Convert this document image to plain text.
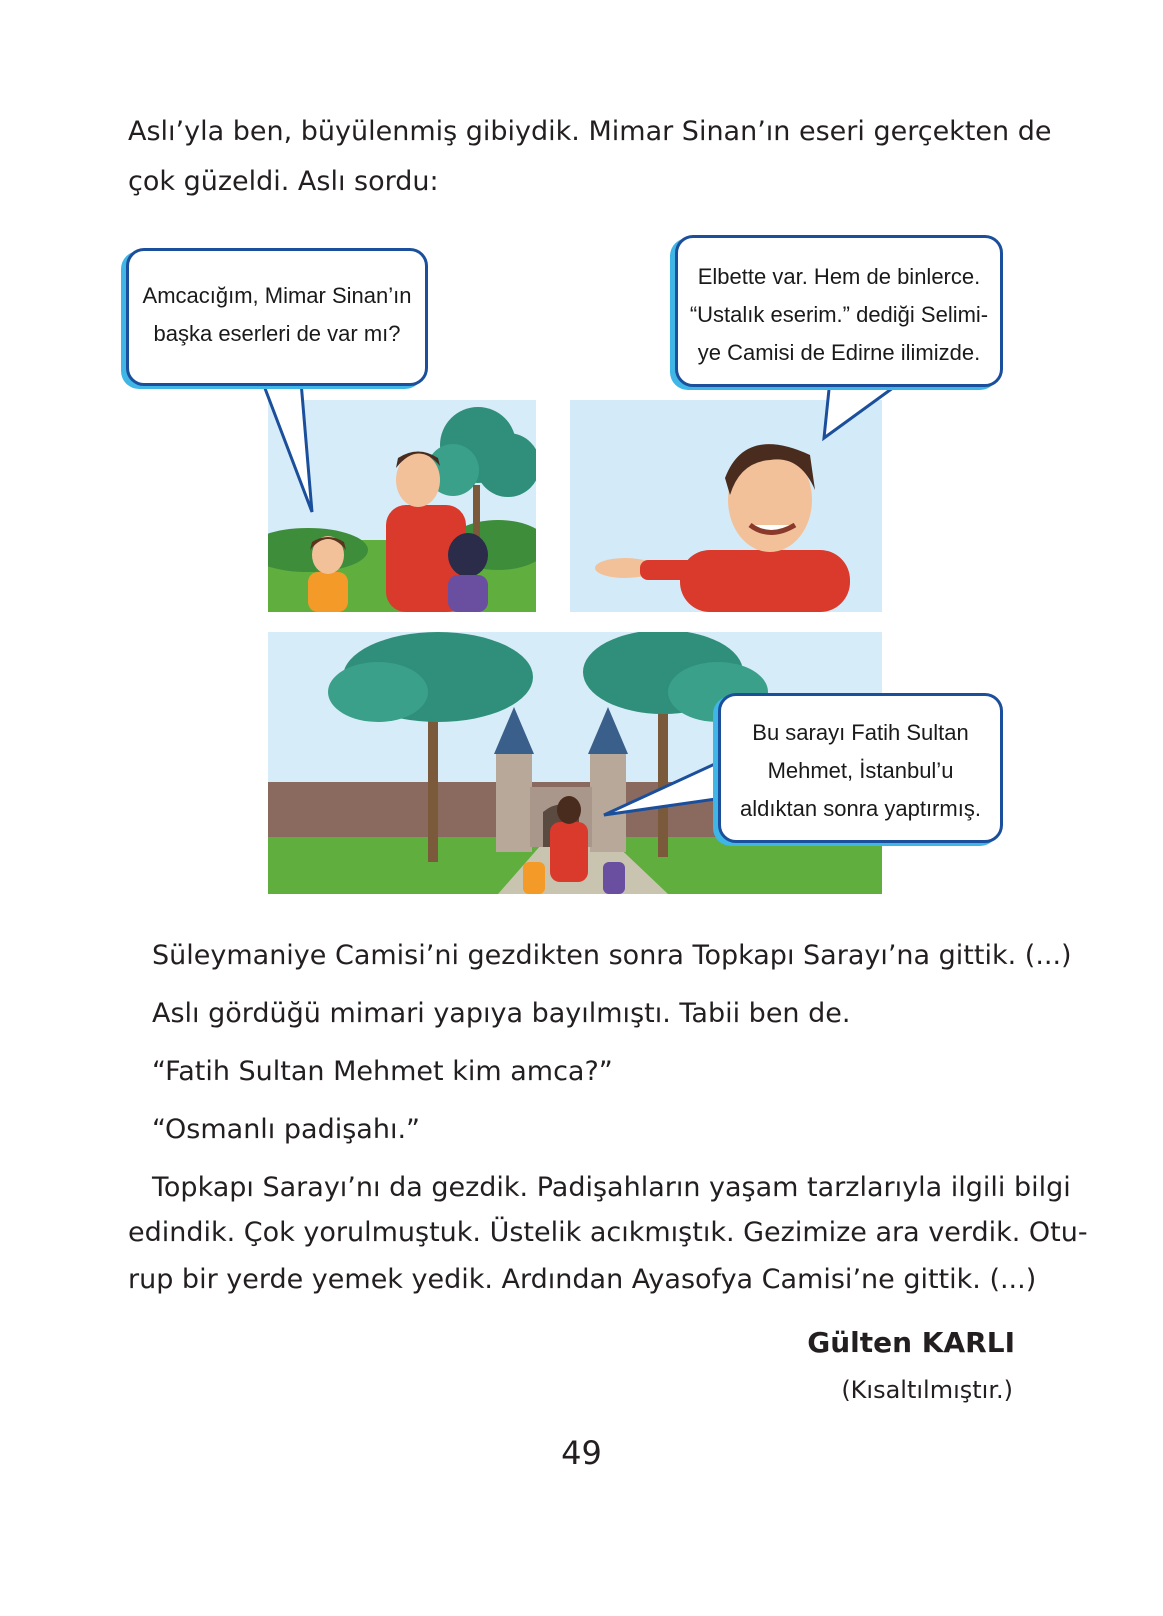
Aslı’yla ben, büyülenmiş gibiydik. Mimar Sinan’ın eseri gerçekten de
çok güzeldi. Aslı sordu:
Amcacığım, Mimar Sinan’ın
başka eserleri de var mı?
Elbette var. Hem de binlerce.
“Ustalık eserim.” dediği Selimi-
ye Camisi de Edirne ilimizde.
Bu sarayı Fatih Sultan
Mehmet, İstanbul’u
aldıktan sonra yaptırmış.
Süleymaniye Camisi’ni gezdikten sonra Topkapı Sarayı’na gittik. (...)
Aslı gördüğü mimari yapıya bayılmıştı. Tabii ben de.
“Fatih Sultan Mehmet kim amca?”
“Osmanlı padişahı.”
Topkapı Sarayı’nı da gezdik. Padişahların yaşam tarzlarıyla ilgili bilgi
edindik. Çok yorulmuştuk. Üstelik acıkmıştık. Gezimize ara verdik. Otu-
rup bir yerde yemek yedik. Ardından Ayasofya Camisi’ne gittik. (...)
Gülten KARLI
(Kısaltılmıştır.)
49
